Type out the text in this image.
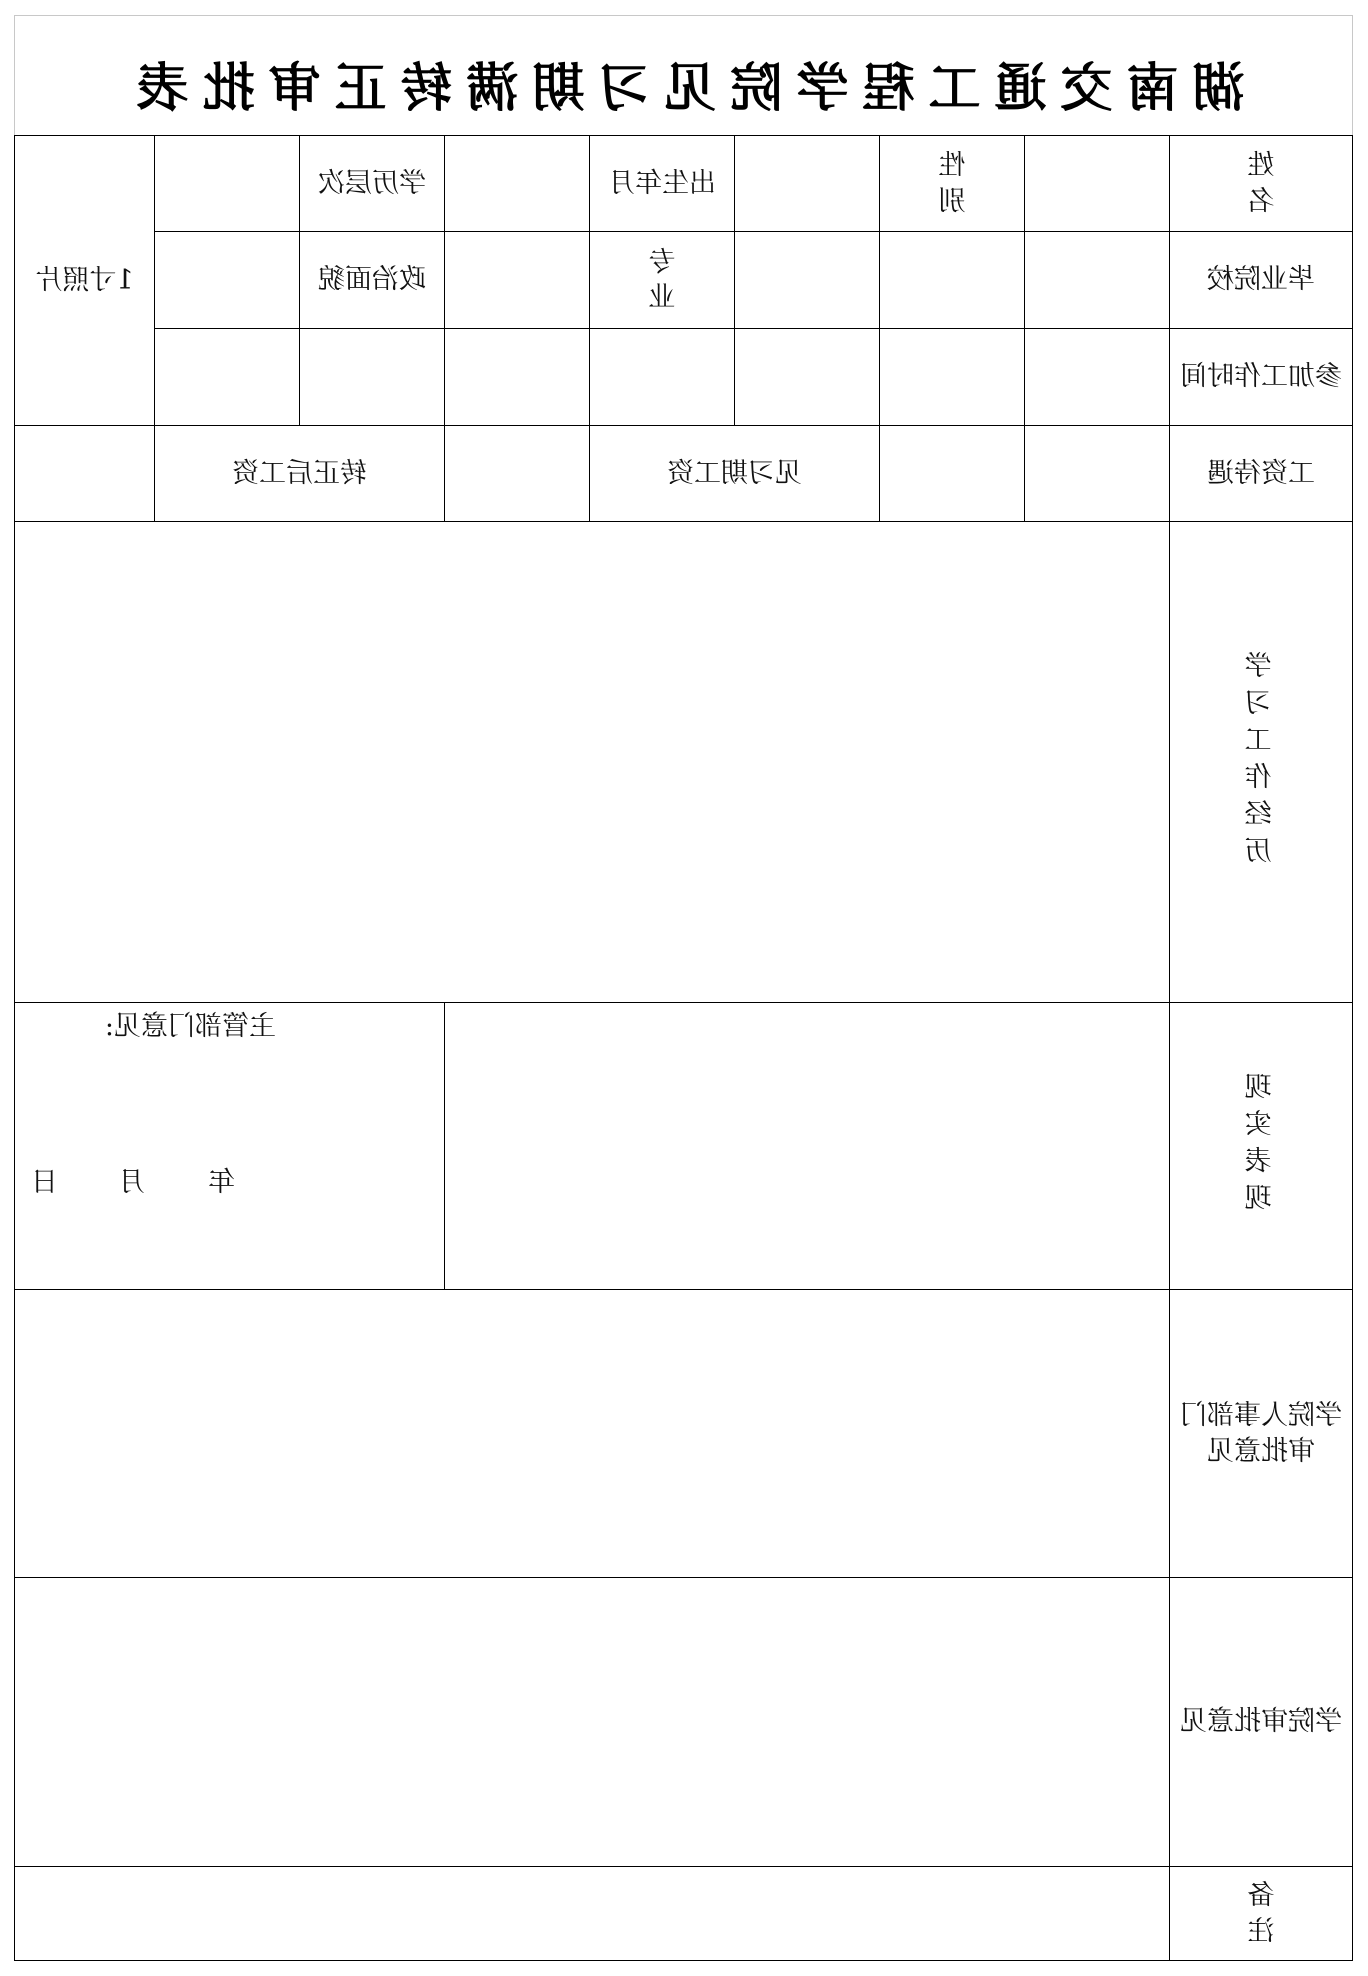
湖南交通工程学院见习期满转正审批表
姓 名
性 别
出生年月
学历层次
1寸照片	毕业院校
专 业
政治面貌
参加工作时间
工资待遇
见习期工资
转正后工资
学习工作经历
现实表现
主管部门意见:
年
月
日
学院人事部门审批意见
学院审批意见
备 注
